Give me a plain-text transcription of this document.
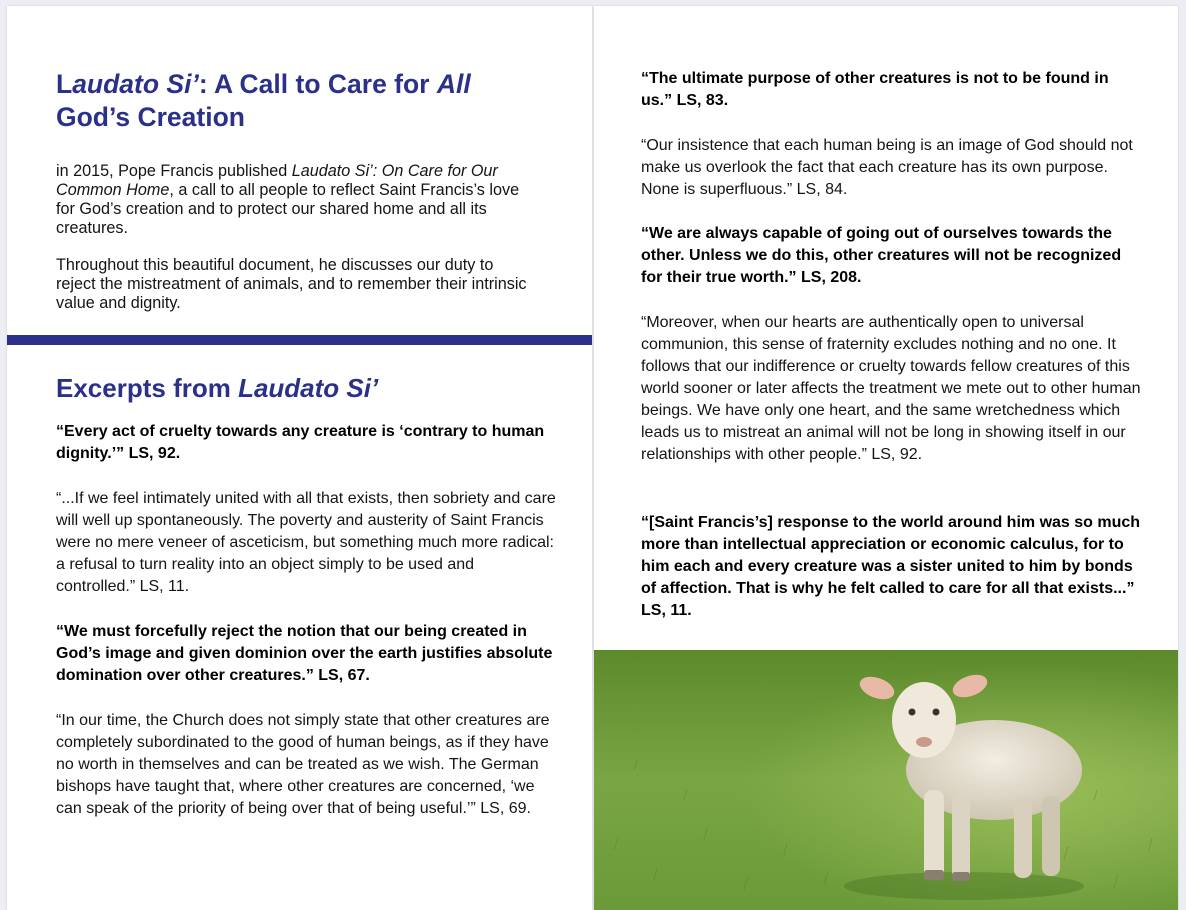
Laudato Si’: A Call to Care for All
God’s Creation

in 2015, Pope Francis published Laudato Si’: On Care for Our Common Home, a call to all people to reflect Saint Francis’s love for God’s creation and to protect our shared home and all its creatures.

Throughout this beautiful document, he discusses our duty to reject the mistreatment of animals, and to remember their intrinsic value and dignity.

Excerpts from Laudato Si’

“Every act of cruelty towards any creature is ‘contrary to human dignity.’” LS, 92.

“...If we feel intimately united with all that exists, then sobriety and care will well up spontaneously. The poverty and austerity of Saint Francis were no mere veneer of asceticism, but something much more radical: a refusal to turn reality into an object simply to be used and controlled.” LS, 11.

“We must forcefully reject the notion that our being created in God’s image and given dominion over the earth justifies absolute domination over other creatures.” LS, 67.

“In our time, the Church does not simply state that other creatures are completely subordinated to the good of human beings, as if they have no worth in themselves and can be treated as we wish. The German bishops have taught that, where other creatures are concerned, ‘we can speak of the priority of being over that of being useful.’” LS, 69.

“The ultimate purpose of other creatures is not to be found in us.” LS, 83.

“Our insistence that each human being is an image of God should not make us overlook the fact that each creature has its own purpose. None is superfluous.” LS, 84.

“We are always capable of going out of ourselves towards the other. Unless we do this, other creatures will not be recognized for their true worth.” LS, 208.

“Moreover, when our hearts are authentically open to universal communion, this sense of fraternity excludes nothing and no one. It follows that our indifference or cruelty towards fellow creatures of this world sooner or later affects the treatment we mete out to other human beings. We have only one heart, and the same wretchedness which leads us to mistreat an animal will not be long in showing itself in our relationships with other people.” LS, 92.

“[Saint Francis’s] response to the world around him was so much more than intellectual appreciation or economic calculus, for to him each and every creature was a sister united to him by bonds of affection. That is why he felt called to care for all that exists...” LS, 11.
